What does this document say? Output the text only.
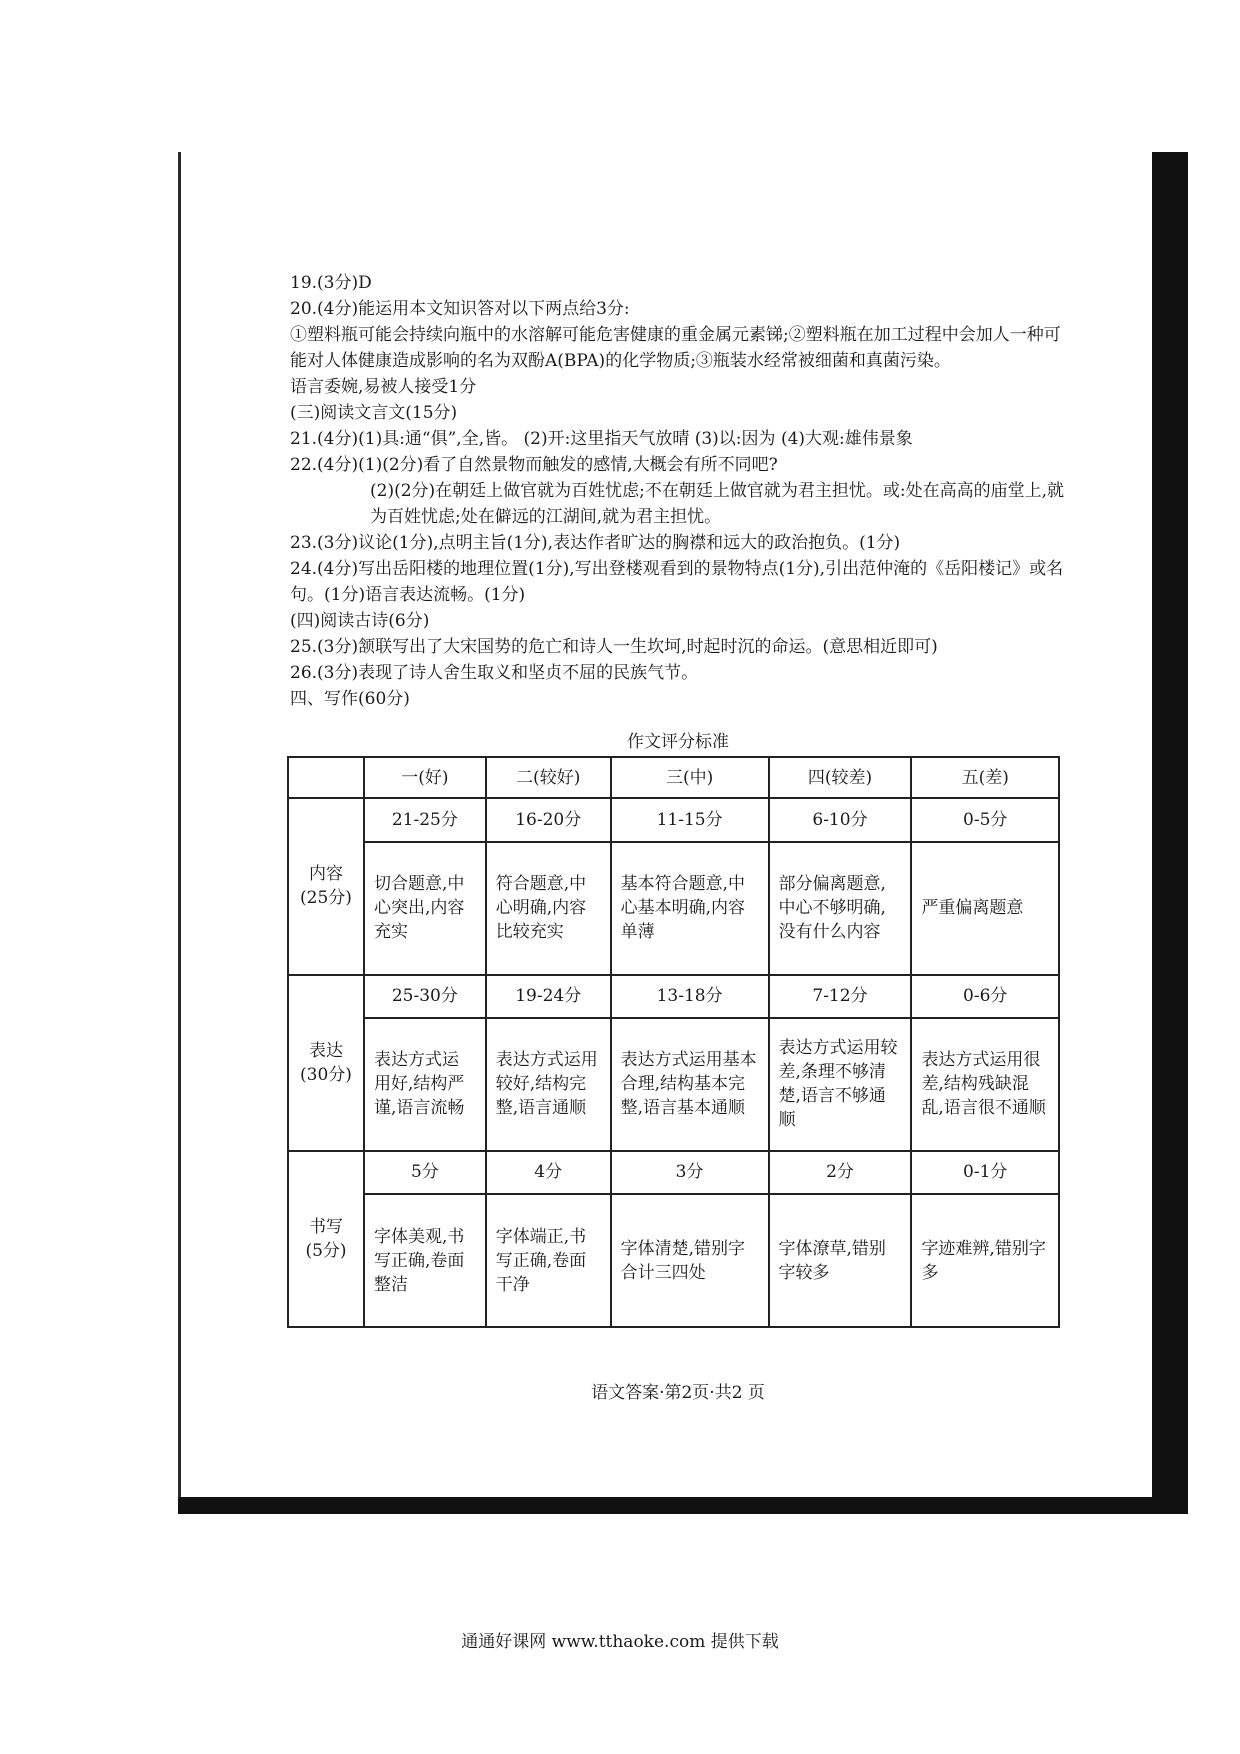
19.(3分)D

20.(4分)能运用本文知识答对以下两点给3分:

①塑料瓶可能会持续向瓶中的水溶解可能危害健康的重金属元素锑;②塑料瓶在加工过程中会加人一种可能对人体健康造成影响的名为双酚A(BPA)的化学物质;③瓶装水经常被细菌和真菌污染。

语言委婉,易被人接受1分

(三)阅读文言文(15分)

21.(4分)(1)具:通“俱”,全,皆。 (2)开:这里指天气放晴 (3)以:因为 (4)大观:雄伟景象

22.(4分)(1)(2分)看了自然景物而触发的感情,大概会有所不同吧?

(2)(2分)在朝廷上做官就为百姓忧虑;不在朝廷上做官就为君主担忧。或:处在高高的庙堂上,就为百姓忧虑;处在僻远的江湖间,就为君主担忧。

23.(3分)议论(1分),点明主旨(1分),表达作者旷达的胸襟和远大的政治抱负。(1分)

24.(4分)写出岳阳楼的地理位置(1分),写出登楼观看到的景物特点(1分),引出范仲淹的《岳阳楼记》或名句。(1分)语言表达流畅。(1分)

(四)阅读古诗(6分)

25.(3分)颔联写出了大宋国势的危亡和诗人一生坎坷,时起时沉的命运。(意思相近即可)

26.(3分)表现了诗人舍生取义和坚贞不屈的民族气节。

四、写作(60分)

作文评分标准
	一(好)	二(较好)	三(中)	四(较差)	五(差)
内容
(25分)	21-25分	16-20分	11-15分	6-10分	0-5分
	切合题意,中心突出,内容充实	符合题意,中心明确,内容比较充实	基本符合题意,中心基本明确,内容单薄	部分偏离题意,中心不够明确,没有什么内容	严重偏离题意
表达
(30分)	25-30分	19-24分	13-18分	7-12分	0-6分
	表达方式运用好,结构严谨,语言流畅	表达方式运用较好,结构完整,语言通顺	表达方式运用基本合理,结构基本完整,语言基本通顺	表达方式运用较差,条理不够清楚,语言不够通顺	表达方式运用很差,结构残缺混乱,语言很不通顺
书写
(5分)	5分	4分	3分	2分	0-1分
	字体美观,书写正确,卷面整洁	字体端正,书写正确,卷面干净	字体清楚,错别字合计三四处	字体潦草,错别字较多	字迹难辨,错别字多
语文答案·第2页·共2 页
通通好课网 www.tthaoke.com 提供下载
